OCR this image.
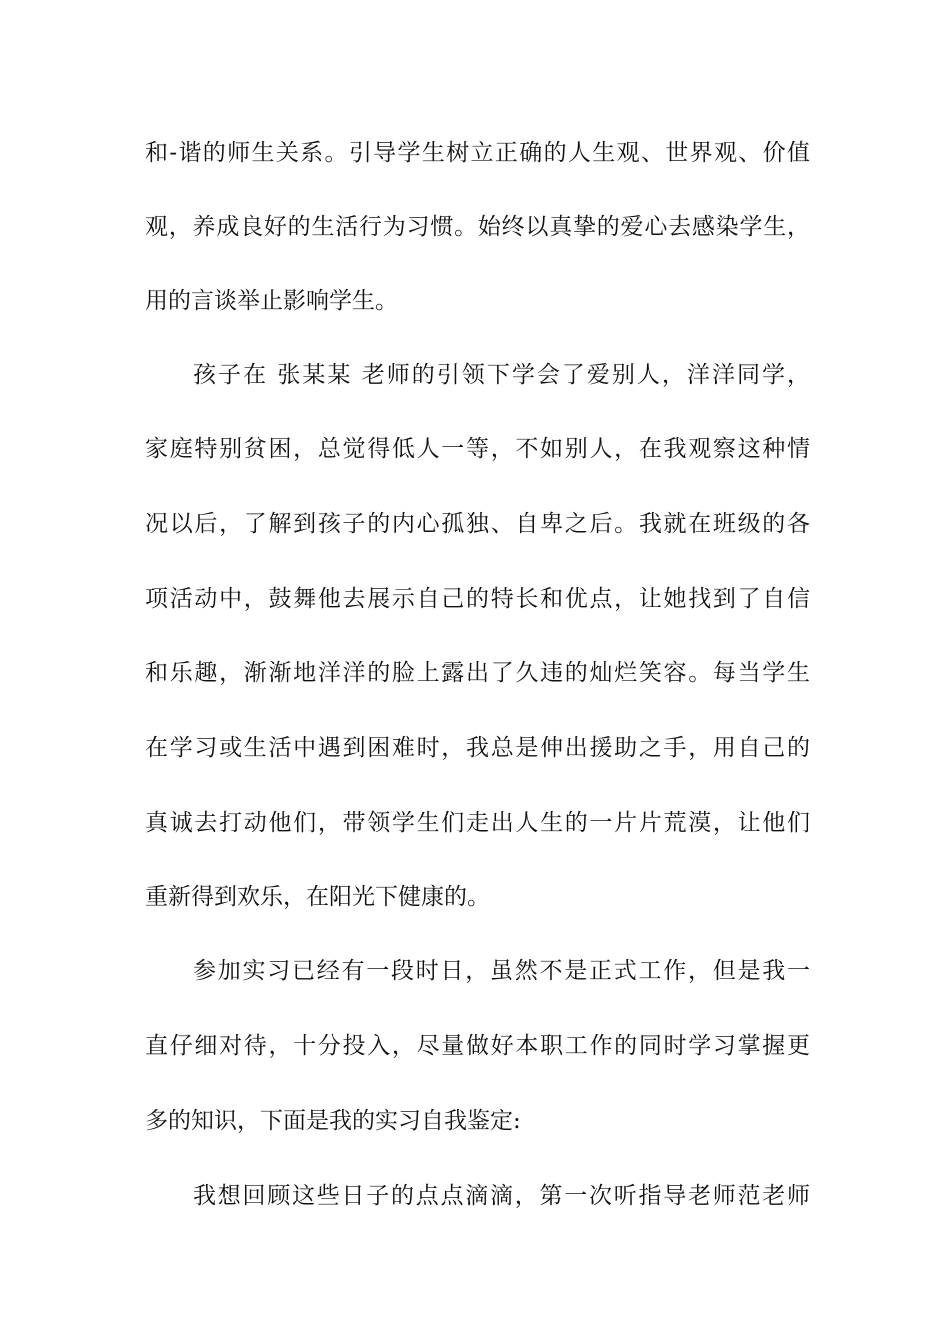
和-谐的师生关系。引导学生树立正确的人生观、世界观、价值
观，养成良好的生活行为习惯。始终以真挚的爱心去感染学生，
用的言谈举止影响学生。
孩子在 张某某 老师的引领下学会了爱别人，洋洋同学，
家庭特别贫困，总觉得低人一等，不如别人，在我观察这种情
况以后，了解到孩子的内心孤独、自卑之后。我就在班级的各
项活动中，鼓舞他去展示自己的特长和优点，让她找到了自信
和乐趣，渐渐地洋洋的脸上露出了久违的灿烂笑容。每当学生
在学习或生活中遇到困难时，我总是伸出援助之手，用自己的
真诚去打动他们，带领学生们走出人生的一片片荒漠，让他们
重新得到欢乐，在阳光下健康的。
参加实习已经有一段时日，虽然不是正式工作，但是我一
直仔细对待，十分投入，尽量做好本职工作的同时学习掌握更
多的知识，下面是我的实习自我鉴定:
我想回顾这些日子的点点滴滴，第一次听指导老师范老师
